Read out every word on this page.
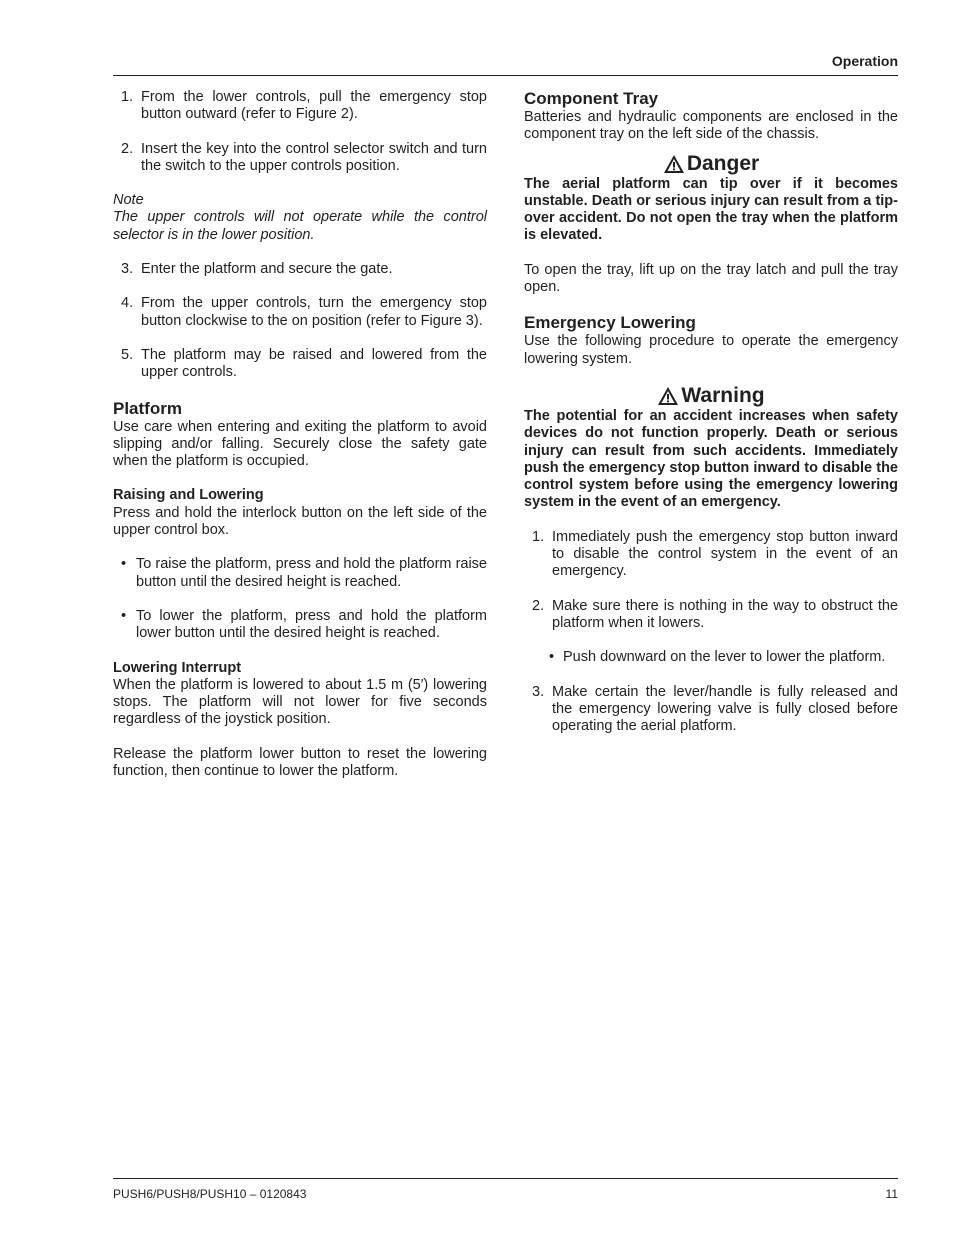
Operation
1. From the lower controls, pull the emergency stop button outward (refer to Figure 2).
2. Insert the key into the control selector switch and turn the switch to the upper controls position.

Note

The upper controls will not operate while the control selector is in the lower position.

3. Enter the platform and secure the gate.
4. From the upper controls, turn the emergency stop button clockwise to the on position (refer to Figure 3).
5. The platform may be raised and lowered from the upper controls.
Platform

Use care when entering and exiting the platform to avoid slipping and/or falling. Securely close the safety gate when the platform is occupied.

Raising and Lowering

Press and hold the interlock button on the left side of the upper control box.

• To raise the platform, press and hold the platform raise button until the desired height is reached.
• To lower the platform, press and hold the platform lower button until the desired height is reached.
Lowering Interrupt

When the platform is lowered to about 1.5 m (5′) lowering stops. The platform will not lower for five seconds regardless of the joystick position.

Release the platform lower button to reset the lowering function, then continue to lower the platform.

Component Tray

Batteries and hydraulic components are enclosed in the component tray on the left side of the chassis.

Danger

The aerial platform can tip over if it becomes unstable. Death or serious injury can result from a tip-over accident. Do not open the tray when the platform is elevated.

To open the tray, lift up on the tray latch and pull the tray open.

Emergency Lowering

Use the following procedure to operate the emergency lowering system.

Warning

The potential for an accident increases when safety devices do not function properly. Death or serious injury can result from such accidents. Immediately push the emergency stop button inward to disable the control system before using the emergency lowering system in the event of an emergency.

1. Immediately push the emergency stop button inward to disable the control system in the event of an emergency.
2. Make sure there is nothing in the way to obstruct the platform when it lowers.
• Push downward on the lever to lower the platform.
3. Make certain the lever/handle is fully released and the emergency lowering valve is fully closed before operating the aerial platform.
PUSH6/PUSH8/PUSH10 – 0120843	11
